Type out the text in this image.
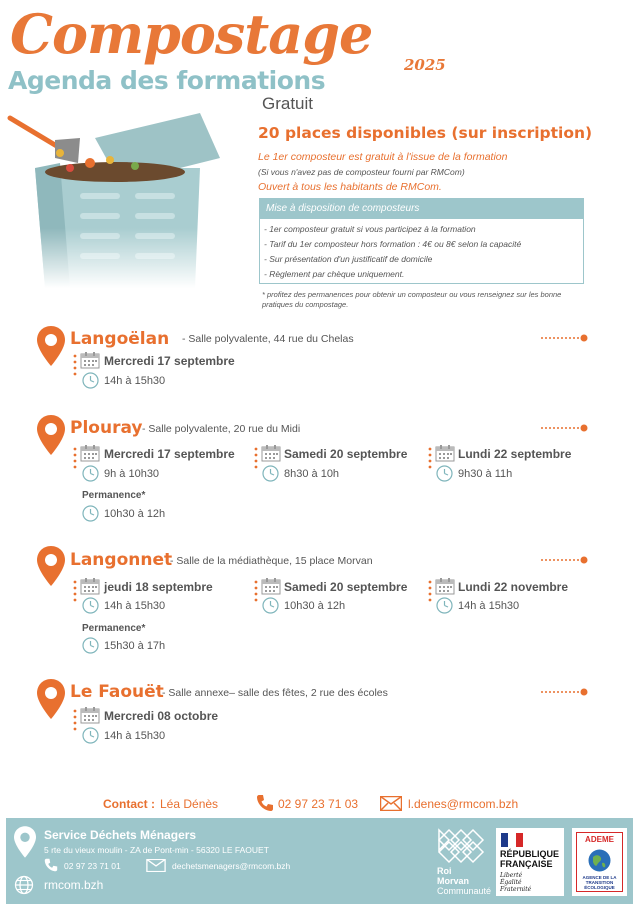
Compostage 2025
Agenda des formations
Gratuit
20 places disponibles (sur inscription)
Le 1er composteur est gratuit à l'issue de la formation
(Si vous n'avez pas de composteur fourni par RMCom)
Ouvert à tous les habitants de RMCom.
Mise à disposition de composteurs
- 1er composteur gratuit si vous participez à la formation
- Tarif du 1er composteur hors formation : 4€ ou 8€ selon la capacité
- Sur présentation d'un justificatif de domicile
- Règlement par chèque uniquement.
* profitez des permanences pour obtenir un composteur ou vous renseignez sur les bonne pratiques du compostage.
Langoëlan - Salle polyvalente, 44 rue du Chelas
Mercredi 17 septembre
14h à 15h30
Plouray - Salle polyvalente, 20 rue du Midi
Mercredi 17 septembre
9h à 10h30
Samedi 20 septembre
8h30 à 10h
Lundi 22 septembre
9h30 à 11h
Permanence*
10h30 à 12h
Langonnet
- Salle de la médiathèque, 15 place Morvan
jeudi 18 septembre
14h à 15h30
Samedi 20 septembre
10h30 à 12h
Lundi 22 novembre
14h à 15h30
Permanence*
15h30 à 17h
Le Faouët
- Salle annexe– salle des fêtes, 2 rue des écoles
Mercredi 08 octobre
14h à 15h30
Contact : Léa Dénès	02 97 23 71 03	l.denes@rmcom.bzh
Service Déchets Ménagers
5 rte du vieux moulin - ZA de Pont-min - 56320 LE FAOUET
02 97 23 71 01	dechetsmenagers@rmcom.bzh
rmcom.bzh
Roi
Morvan
Communauté
RÉPUBLIQUE
FRANÇAISE
Liberté
Égalité
Fraternité
ADEME
AGENCE DE LA
TRANSITION
ÉCOLOGIQUE
